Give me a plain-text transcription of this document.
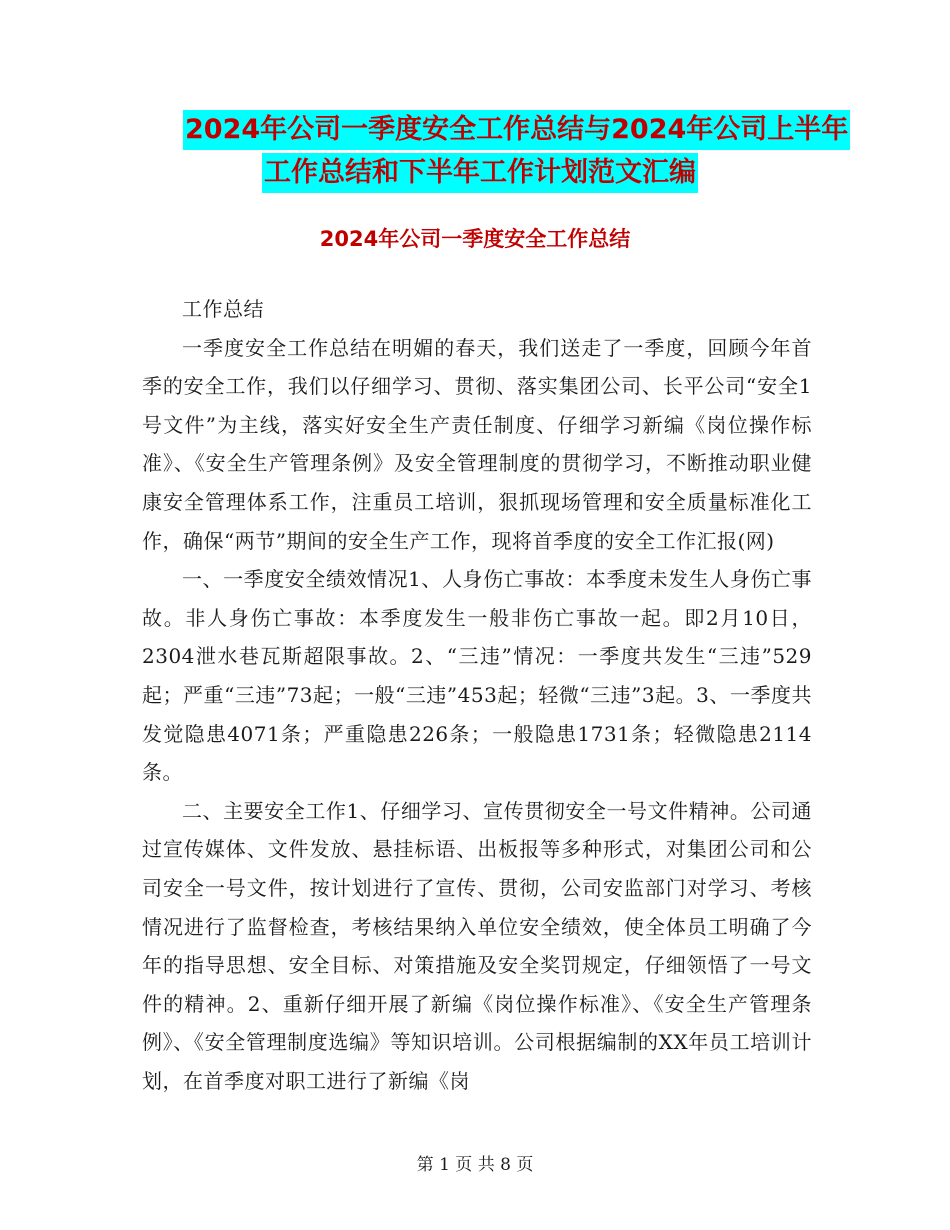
2024年公司一季度安全工作总结与2024年公司上半年
工作总结和下半年工作计划范文汇编
2024年公司一季度安全工作总结

工作总结

一季度安全工作总结在明媚的春天，我们送走了一季度，回顾今年首季的安全工作，我们以仔细学习、贯彻、落实集团公司、长平公司“安全1号文件”为主线，落实好安全生产责任制度、仔细学习新编《岗位操作标准》、《安全生产管理条例》及安全管理制度的贯彻学习，不断推动职业健康安全管理体系工作，注重员工培训，狠抓现场管理和安全质量标准化工作，确保“两节”期间的安全生产工作，现将首季度的安全工作汇报(网)

一、一季度安全绩效情况1、人身伤亡事故：本季度未发生人身伤亡事故。非人身伤亡事故：本季度发生一般非伤亡事故一起。即2月10日，2304泄水巷瓦斯超限事故。2、“三违”情况：一季度共发生“三违”529起；严重“三违”73起；一般“三违”453起；轻微“三违”3起。3、一季度共发觉隐患4071条；严重隐患226条；一般隐患1731条；轻微隐患2114条。

二、主要安全工作1、仔细学习、宣传贯彻安全一号文件精神。公司通过宣传媒体、文件发放、悬挂标语、出板报等多种形式，对集团公司和公司安全一号文件，按计划进行了宣传、贯彻，公司安监部门对学习、考核情况进行了监督检查，考核结果纳入单位安全绩效，使全体员工明确了今年的指导思想、安全目标、对策措施及安全奖罚规定，仔细领悟了一号文件的精神。2、重新仔细开展了新编《岗位操作标准》、《安全生产管理条例》、《安全管理制度选编》等知识培训。公司根据编制的XX年员工培训计划，在首季度对职工进行了新编《岗

第 1 页 共 8 页
